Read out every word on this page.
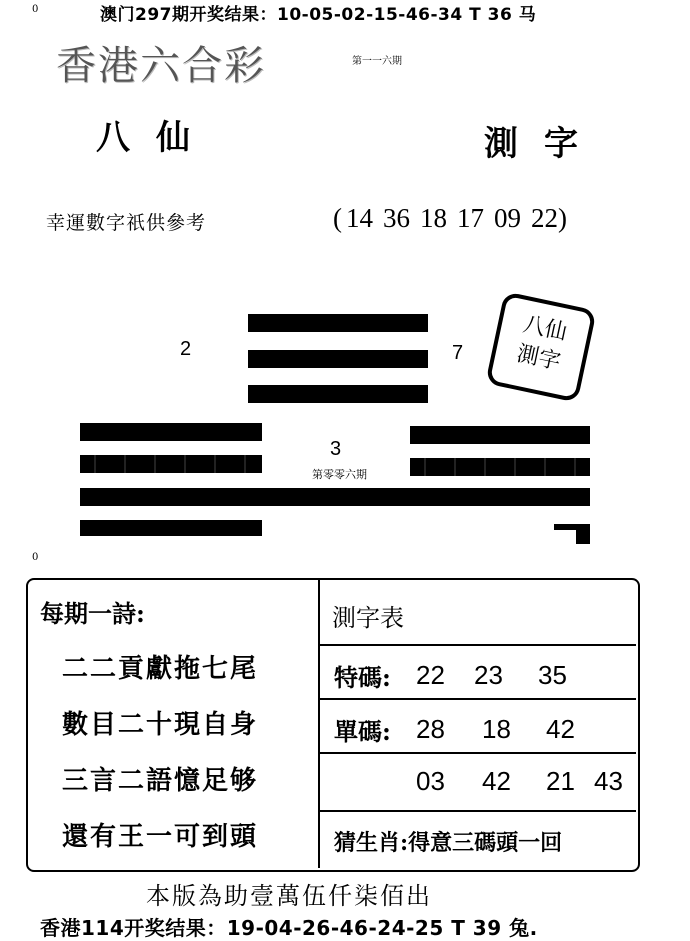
0	澳门297期开奖结果：10-05-02-15-46-34 T 36 马
香港六合彩	第一一六期
八仙	測字
幸運數字祇供參考	( 14 36 18 17 09 22)
2	7
3
第零零六期
八仙
測字
0
每期一詩:
二二貢獻拖七尾
數目二十現自身
三言二語憶足够
還有王一可到頭
測字表
特碼: 22 23 35
單碼: 28 18 42
03 42 21 43
猜生肖:得意三碼頭一回
本版為助壹萬伍仟柒佰出
香港114开奖结果：19-04-26-46-24-25 T 39 兔.
